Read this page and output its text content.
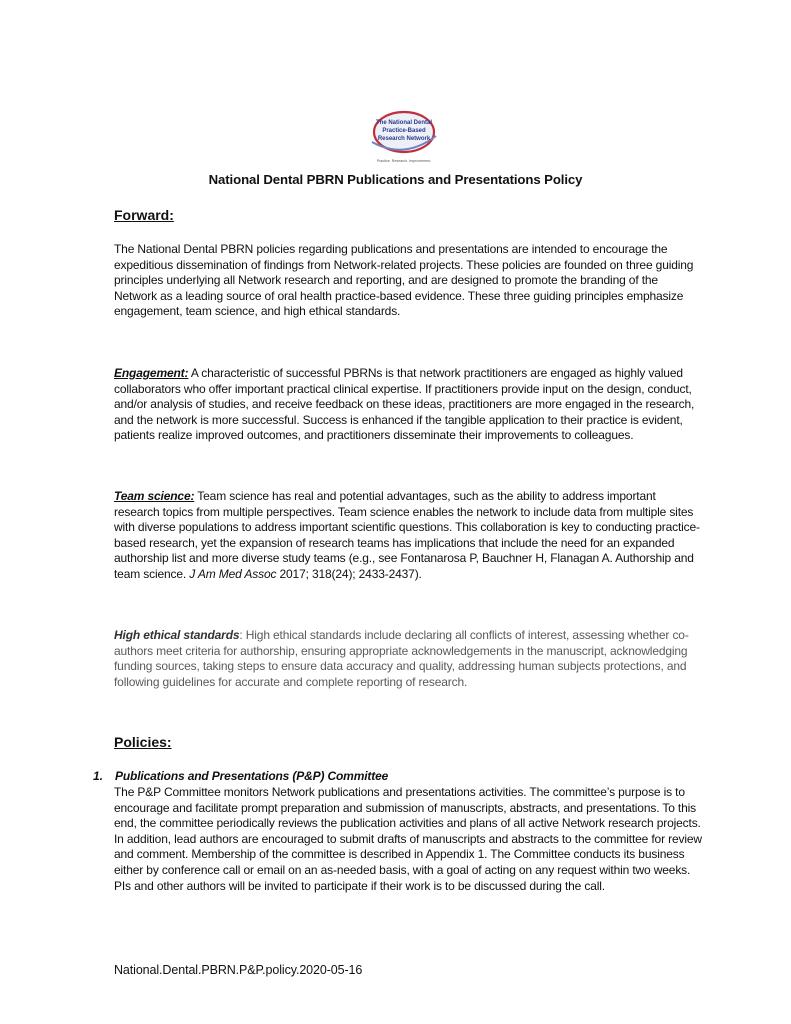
The National Dental
Practice-Based
Research Network
Practice. Research. Improvement.
National Dental PBRN Publications and Presentations Policy
Forward:
The National Dental PBRN policies regarding publications and presentations are intended to encourage the expeditious dissemination of findings from Network-related projects. These policies are founded on three guiding principles underlying all Network research and reporting, and are designed to promote the branding of the Network as a leading source of oral health practice-based evidence. These three guiding principles emphasize engagement, team science, and high ethical standards.
Engagement: A characteristic of successful PBRNs is that network practitioners are engaged as highly valued collaborators who offer important practical clinical expertise. If practitioners provide input on the design, conduct, and/or analysis of studies, and receive feedback on these ideas, practitioners are more engaged in the research, and the network is more successful. Success is enhanced if the tangible application to their practice is evident, patients realize improved outcomes, and practitioners disseminate their improvements to colleagues.
Team science: Team science has real and potential advantages, such as the ability to address important research topics from multiple perspectives. Team science enables the network to include data from multiple sites with diverse populations to address important scientific questions. This collaboration is key to conducting practice-based research, yet the expansion of research teams has implications that include the need for an expanded authorship list and more diverse study teams (e.g., see Fontanarosa P, Bauchner H, Flanagan A. Authorship and team science. J Am Med Assoc 2017; 318(24); 2433-2437).
High ethical standards: High ethical standards include declaring all conflicts of interest, assessing whether co-authors meet criteria for authorship, ensuring appropriate acknowledgements in the manuscript, acknowledging funding sources, taking steps to ensure data accuracy and quality, addressing human subjects protections, and following guidelines for accurate and complete reporting of research.
Policies:
1. Publications and Presentations (P&P) Committee
The P&P Committee monitors Network publications and presentations activities. The committee’s purpose is to encourage and facilitate prompt preparation and submission of manuscripts, abstracts, and presentations. To this end, the committee periodically reviews the publication activities and plans of all active Network research projects. In addition, lead authors are encouraged to submit drafts of manuscripts and abstracts to the committee for review and comment. Membership of the committee is described in Appendix 1. The Committee conducts its business either by conference call or email on an as-needed basis, with a goal of acting on any request within two weeks. PIs and other authors will be invited to participate if their work is to be discussed during the call.
National.Dental.PBRN.P&P.policy.2020-05-16
